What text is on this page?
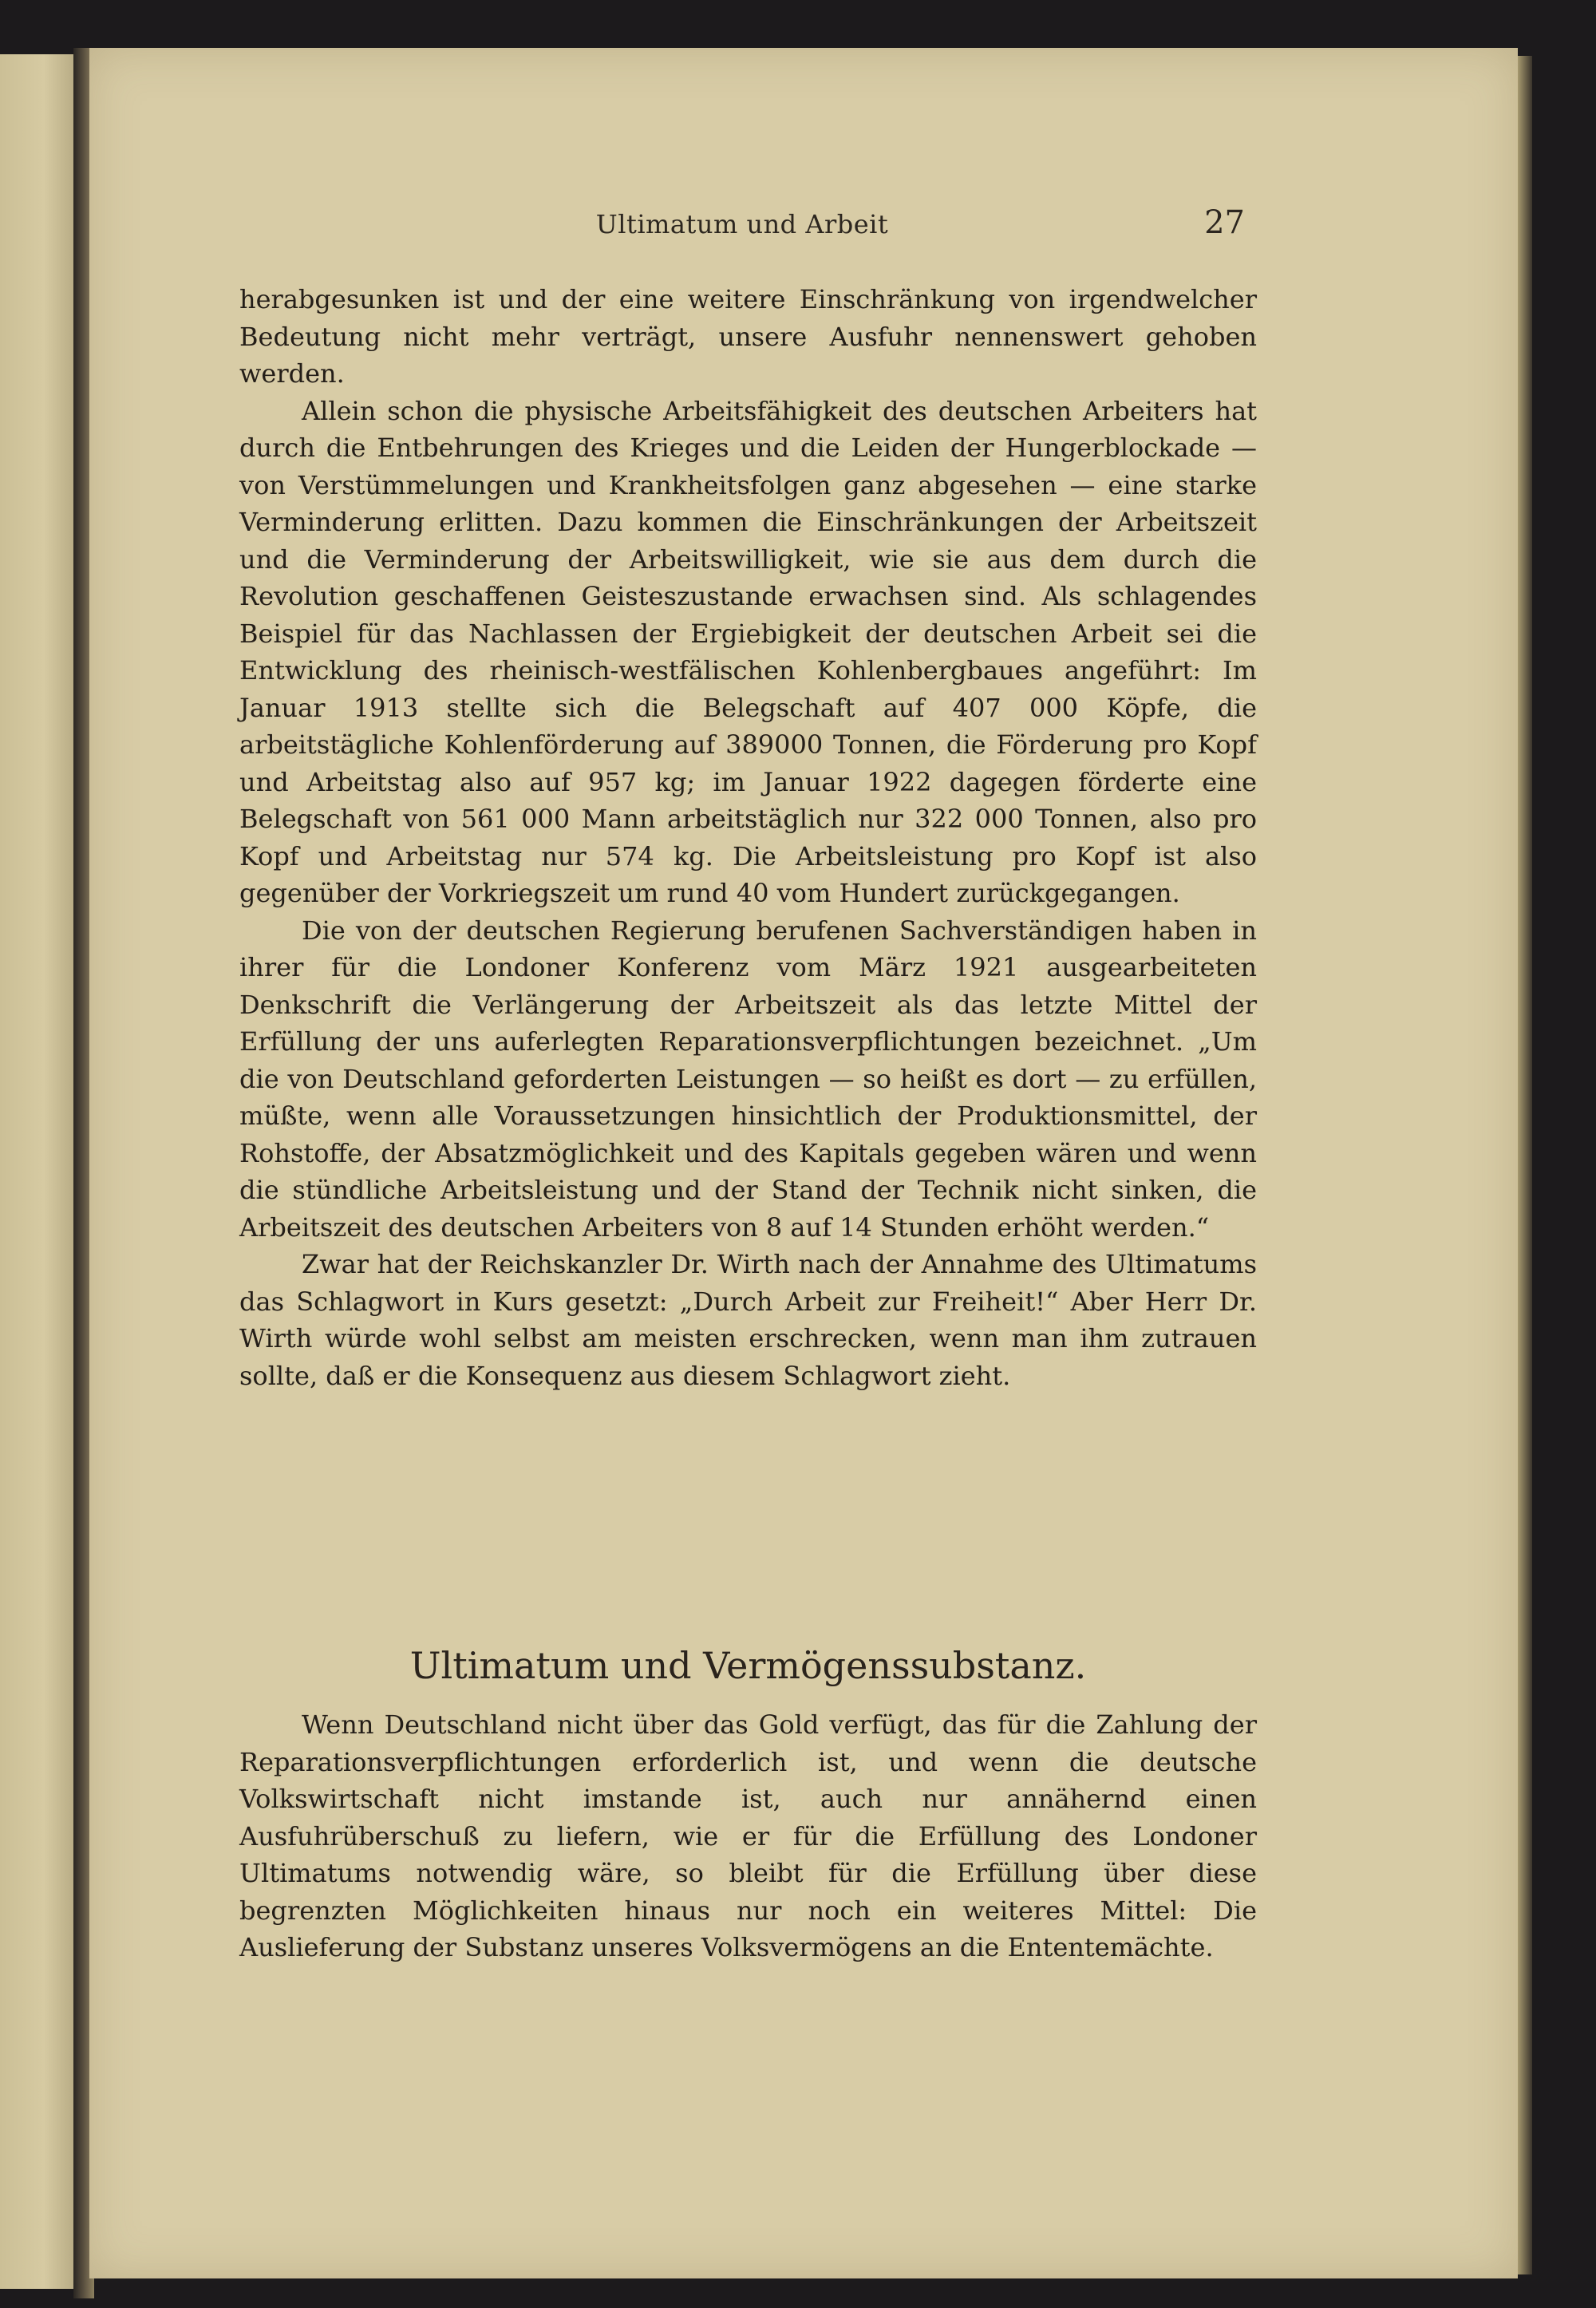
Ultimatum und Arbeit	27

herabgesunken ist und der eine weitere Einschränkung von irgendwelcher Bedeutung nicht mehr verträgt, unsere Ausfuhr nennenswert gehoben werden.

Allein schon die physische Arbeitsfähigkeit des deutschen Arbeiters hat durch die Entbehrungen des Krieges und die Leiden der Hungerblockade — von Verstümmelungen und Krankheitsfolgen ganz abgesehen — eine starke Verminderung erlitten. Dazu kommen die Einschränkungen der Arbeitszeit und die Verminderung der Arbeitswilligkeit, wie sie aus dem durch die Revolution geschaffenen Geisteszustande erwachsen sind. Als schlagendes Beispiel für das Nachlassen der Ergiebigkeit der deutschen Arbeit sei die Entwicklung des rheinisch-westfälischen Kohlenbergbaues angeführt: Im Januar 1913 stellte sich die Belegschaft auf 407 000 Köpfe, die arbeitstägliche Kohlenförderung auf 389000 Tonnen, die Förderung pro Kopf und Arbeitstag also auf 957 kg; im Januar 1922 dagegen förderte eine Belegschaft von 561 000 Mann arbeitstäglich nur 322 000 Tonnen, also pro Kopf und Arbeitstag nur 574 kg. Die Arbeitsleistung pro Kopf ist also gegenüber der Vorkriegszeit um rund 40 vom Hundert zurückgegangen.

Die von der deutschen Regierung berufenen Sachverständigen haben in ihrer für die Londoner Konferenz vom März 1921 ausgearbeiteten Denkschrift die Verlängerung der Arbeitszeit als das letzte Mittel der Erfüllung der uns auferlegten Reparationsverpflichtungen bezeichnet. „Um die von Deutschland geforderten Leistungen — so heißt es dort — zu erfüllen, müßte, wenn alle Voraussetzungen hinsichtlich der Produktionsmittel, der Rohstoffe, der Absatzmöglichkeit und des Kapitals gegeben wären und wenn die stündliche Arbeitsleistung und der Stand der Technik nicht sinken, die Arbeitszeit des deutschen Arbeiters von 8 auf 14 Stunden erhöht werden.“

Zwar hat der Reichskanzler Dr. Wirth nach der Annahme des Ultimatums das Schlagwort in Kurs gesetzt: „Durch Arbeit zur Freiheit!“ Aber Herr Dr. Wirth würde wohl selbst am meisten erschrecken, wenn man ihm zutrauen sollte, daß er die Konsequenz aus diesem Schlagwort zieht.

Ultimatum und Vermögenssubstanz.

Wenn Deutschland nicht über das Gold verfügt, das für die Zahlung der Reparationsverpflichtungen erforderlich ist, und wenn die deutsche Volkswirtschaft nicht imstande ist, auch nur annähernd einen Ausfuhrüberschuß zu liefern, wie er für die Erfüllung des Londoner Ultimatums notwendig wäre, so bleibt für die Erfüllung über diese begrenzten Möglichkeiten hinaus nur noch ein weiteres Mittel: Die Auslieferung der Substanz unseres Volksvermögens an die Ententemächte.
